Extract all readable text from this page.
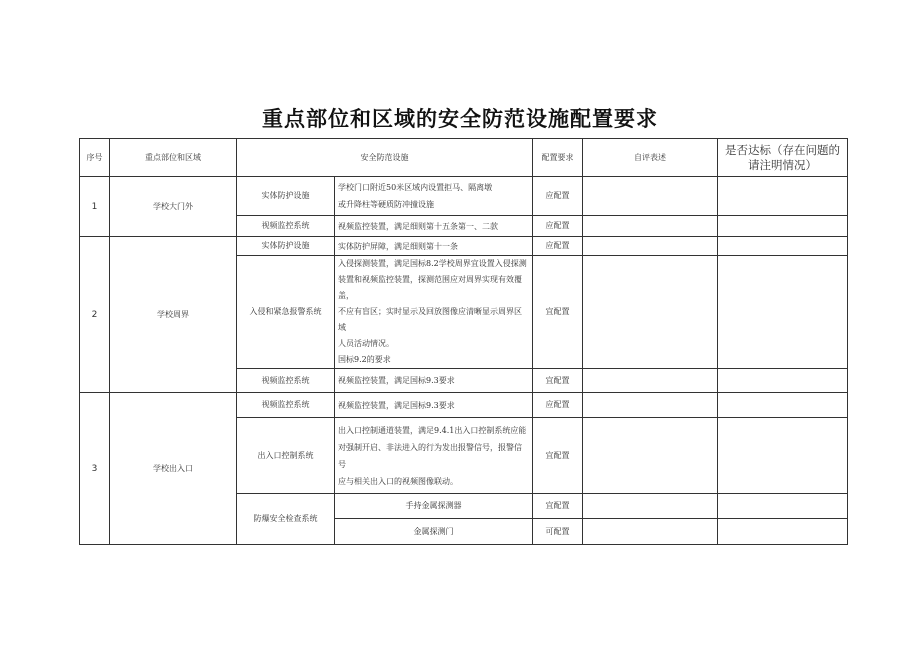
重点部位和区域的安全防范设施配置要求
序号	重点部位和区域	安全防范设施		配置要求	自评表述	是否达标（存在问题的请注明情况）
1	学校大门外	实体防护设施	学校门口附近50米区域内设置拒马、隔离墩
或升降柱等硬质防冲撞设施	应配置		
		视频监控系统	视频监控装置，满足细则第十五条第一、二款	应配置		
2	学校周界	实体防护设施	实体防护屏障，满足细则第十一条	应配置		
		入侵和紧急报警系统	入侵探测装置，满足国标8.2学校周界宜设置入侵探测
装置和视频监控装置，探测范围应对周界实现有效覆盖，
不应有盲区；实时显示及回放图像应清晰显示周界区域
人员活动情况。
国标9.2的要求	宜配置		
		视频监控系统	视频监控装置，满足国标9.3要求	宜配置		
3	学校出入口	视频监控系统	视频监控装置，满足国标9.3要求	应配置		
		出入口控制系统	出入口控制通道装置，满足9.4.1出入口控制系统应能
对强制开启、非法进入的行为发出报警信号，报警信号
应与相关出入口的视频图像联动。	宜配置		
		防爆安全检查系统	手持金属探测器	宜配置		
			金属探测门	可配置		
